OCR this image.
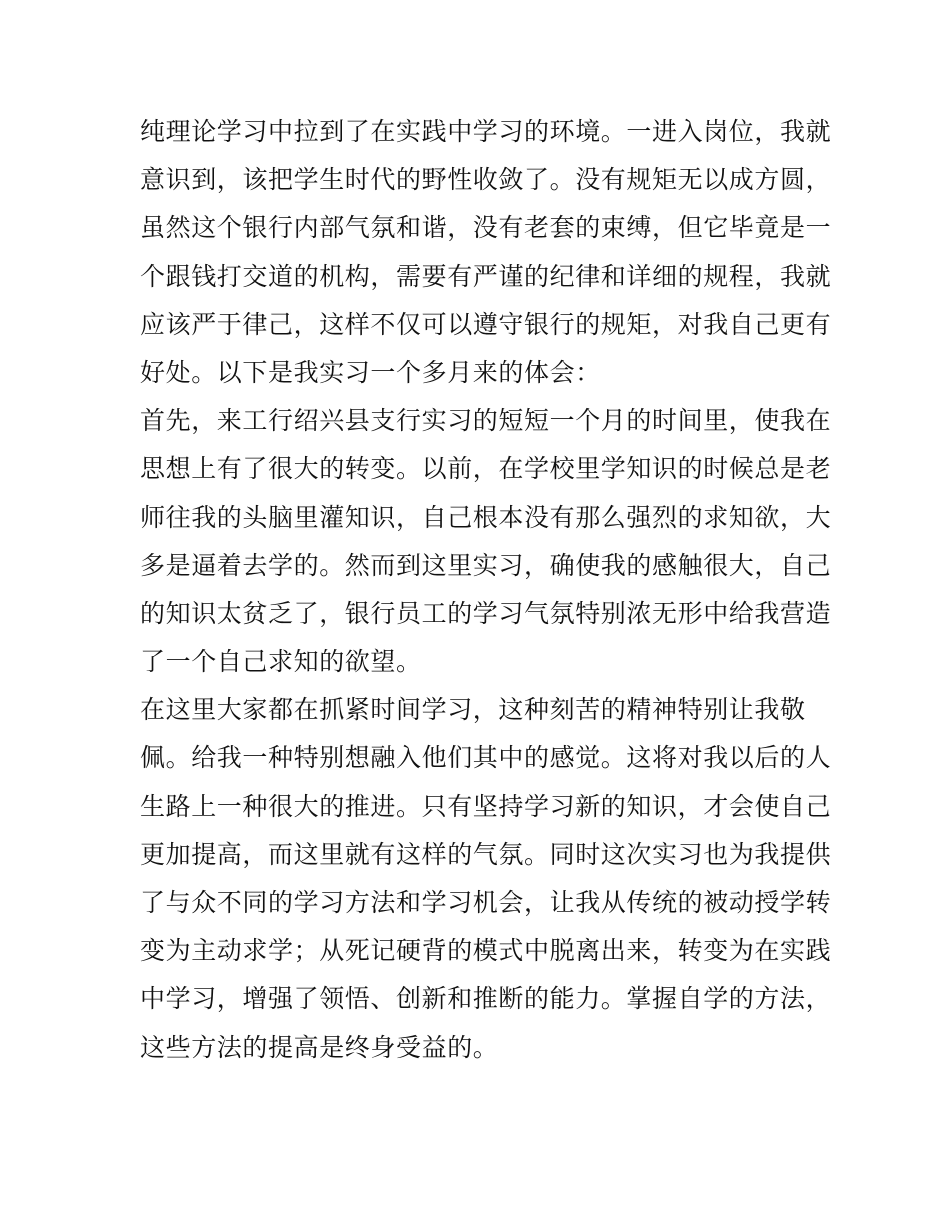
纯理论学习中拉到了在实践中学习的环境。一进入岗位，我就
意识到，该把学生时代的野性收敛了。没有规矩无以成方圆，
虽然这个银行内部气氛和谐，没有老套的束缚，但它毕竟是一
个跟钱打交道的机构，需要有严谨的纪律和详细的规程，我就
应该严于律己，这样不仅可以遵守银行的规矩，对我自己更有
好处。以下是我实习一个多月来的体会：
首先，来工行绍兴县支行实习的短短一个月的时间里，使我在
思想上有了很大的转变。以前，在学校里学知识的时候总是老
师往我的头脑里灌知识，自己根本没有那么强烈的求知欲，大
多是逼着去学的。然而到这里实习，确使我的感触很大，自己
的知识太贫乏了，银行员工的学习气氛特别浓无形中给我营造
了一个自己求知的欲望。
在这里大家都在抓紧时间学习，这种刻苦的精神特别让我敬
佩。给我一种特别想融入他们其中的感觉。这将对我以后的人
生路上一种很大的推进。只有坚持学习新的知识，才会使自己
更加提高，而这里就有这样的气氛。同时这次实习也为我提供
了与众不同的学习方法和学习机会，让我从传统的被动授学转
变为主动求学；从死记硬背的模式中脱离出来，转变为在实践
中学习，增强了领悟、创新和推断的能力。掌握自学的方法，
这些方法的提高是终身受益的。
